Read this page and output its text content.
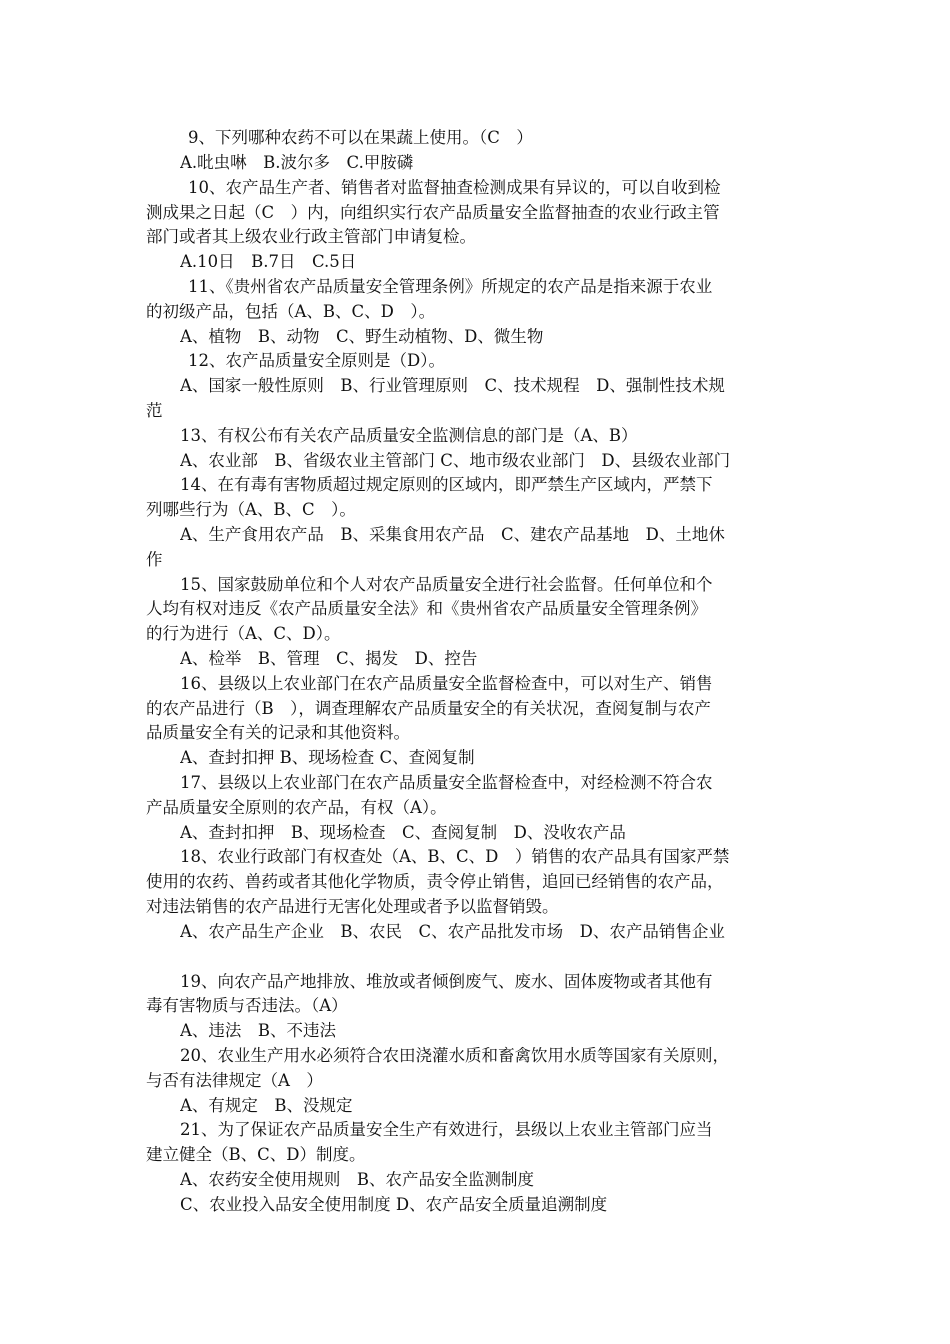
9、下列哪种农药不可以在果蔬上使用。（C　）
A.吡虫啉　B.波尔多　C.甲胺磷
10、农产品生产者、销售者对监督抽查检测成果有异议的，可以自收到检
测成果之日起（C　）内，向组织实行农产品质量安全监督抽查的农业行政主管
部门或者其上级农业行政主管部门申请复检。
A.10日　B.7日　C.5日
11、《贵州省农产品质量安全管理条例》所规定的农产品是指来源于农业
的初级产品，包括（A、B、C、D　）。
A、植物　B、动物　C、野生动植物、D、微生物
12、农产品质量安全原则是（D）。
A、国家一般性原则　B、行业管理原则　C、技术规程　D、强制性技术规
范
13、有权公布有关农产品质量安全监测信息的部门是（A、B）
A、农业部　B、省级农业主管部门 C、地市级农业部门　D、县级农业部门
14、在有毒有害物质超过规定原则的区域内，即严禁生产区域内，严禁下
列哪些行为（A、B、C　）。
A、生产食用农产品　B、采集食用农产品　C、建农产品基地　D、土地休
作
15、国家鼓励单位和个人对农产品质量安全进行社会监督。任何单位和个
人均有权对违反《农产品质量安全法》和《贵州省农产品质量安全管理条例》
的行为进行（A、C、D）。
A、检举　B、管理　C、揭发　D、控告
16、县级以上农业部门在农产品质量安全监督检查中，可以对生产、销售
的农产品进行（B　），调查理解农产品质量安全的有关状况，查阅复制与农产
品质量安全有关的记录和其他资料。
A、查封扣押 B、现场检查 C、查阅复制
17、县级以上农业部门在农产品质量安全监督检查中，对经检测不符合农
产品质量安全原则的农产品，有权（A）。
A、查封扣押　B、现场检查　C、查阅复制　D、没收农产品
18、农业行政部门有权查处（A、B、C、D　）销售的农产品具有国家严禁
使用的农药、兽药或者其他化学物质，责令停止销售，追回已经销售的农产品，
对违法销售的农产品进行无害化处理或者予以监督销毁。
A、农产品生产企业　B、农民　C、农产品批发市场　D、农产品销售企业
19、向农产品产地排放、堆放或者倾倒废气、废水、固体废物或者其他有
毒有害物质与否违法。（A）
A、违法　B、不违法
20、农业生产用水必须符合农田浇灌水质和畜禽饮用水质等国家有关原则，
与否有法律规定（A　）
A、有规定　B、没规定
21、为了保证农产品质量安全生产有效进行，县级以上农业主管部门应当
建立健全（B、C、D）制度。
A、农药安全使用规则　B、农产品安全监测制度
C、农业投入品安全使用制度 D、农产品安全质量追溯制度
